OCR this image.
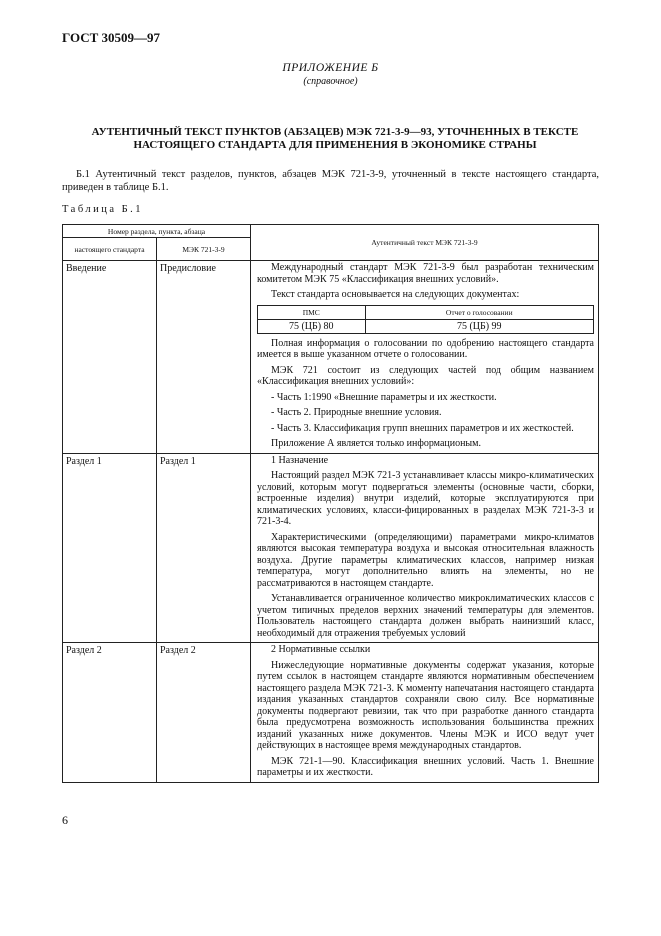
ГОСТ 30509—97
ПРИЛОЖЕНИЕ Б
(справочное)

АУТЕНТИЧНЫЙ ТЕКСТ ПУНКТОВ (АБЗАЦЕВ) МЭК 721-3-9—93, УТОЧНЕННЫХ В ТЕКСТЕ НАСТОЯЩЕГО СТАНДАРТА ДЛЯ ПРИМЕНЕНИЯ В ЭКОНОМИКЕ СТРАНЫ

Б.1 Аутентичный текст разделов, пунктов, абзацев МЭК 721-3-9, уточненный в тексте настоящего стандарта, приведен в таблице Б.1.

Таблица Б.1
Номер раздела, пункта, абзаца	Аутентичный текст МЭК 721-3-9
настоящего стандарта	МЭК 721-3-9
Введение	Предисловие	Международный стандарт МЭК 721-3-9 был разработан техническим комитетом МЭК 75 «Классификация внешних условий».

Текст стандарта основывается на следующих документах:

ПМС	Отчет о голосовании
75 (ЦБ) 80	75 (ЦБ) 99

Полная информация о голосовании по одобрению настоящего стандарта имеется в выше указанном отчете о голосовании.

МЭК 721 состоит из следующих частей под общим названием «Классификация внешних условий»:

- Часть 1:1990 «Внешние параметры и их жесткости.

- Часть 2. Природные внешние условия.

- Часть 3. Классификация групп внешних параметров и их жесткостей.

Приложение А является только информационым.

Раздел 1	Раздел 1	1 Назначение

Настоящий раздел МЭК 721-3 устанавливает классы микро-климатических условий, которым могут подвергаться элементы (основные части, сборки, встроенные изделия) внутри изделий, которые эксплуатируются при климатических условиях, класси-фицированных в разделах МЭК 721-3-3 и 721-3-4.

Характеристическими (определяющими) параметрами микро-климатов являются высокая температура воздуха и высокая относительная влажность воздуха. Другие параметры климатических классов, например низкая температура, могут дополнительно влиять на элементы, но не рассматриваются в настоящем стандарте.

Устанавливается ограниченное количество микроклиматических классов с учетом типичных пределов верхних значений температуры для элементов. Пользователь настоящего стандарта должен выбрать наинизший класс, необходимый для отражения требуемых условий

Раздел 2	Раздел 2	2 Нормативные ссылки

Нижеследующие нормативные документы содержат указания, которые путем ссылок в настоящем стандарте являются нормативным обеспечением настоящего раздела МЭК 721-3. К моменту напечатания настоящего стандарта издания указанных стандартов сохраняли свою силу. Все нормативные документы подвергают ревизии, так что при разработке данного стандарта была предусмотрена возможность использования большинства прежних изданий указанных ниже документов. Члены МЭК и ИСО ведут учет действующих в настоящее время международных стандартов.

МЭК 721-1—90. Классификация внешних условий. Часть 1. Внешние параметры и их жесткости.

6
